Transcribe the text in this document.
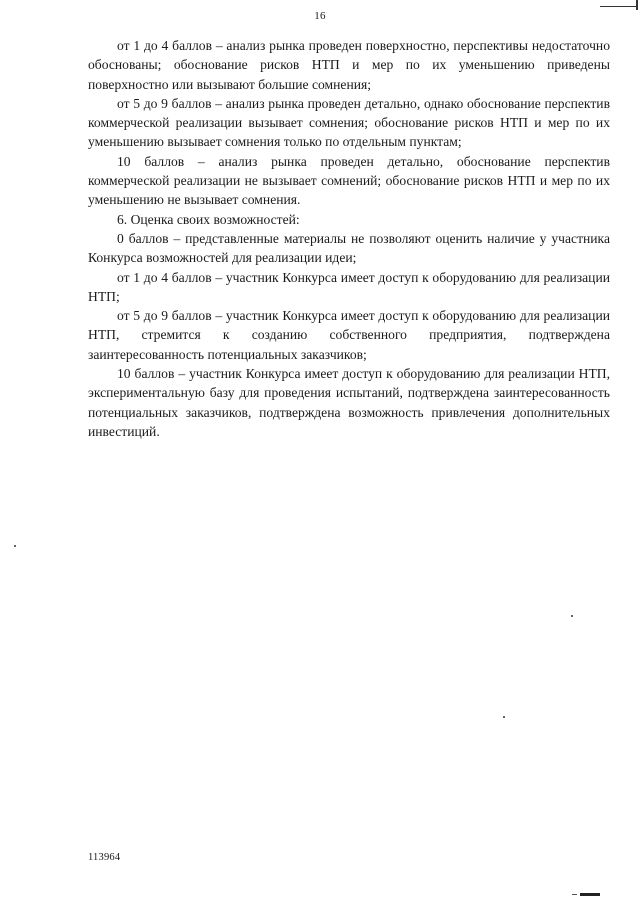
16

от 1 до 4 баллов – анализ рынка проведен поверхностно, перспективы недостаточно обоснованы; обоснование рисков НТП и мер по их уменьшению приведены поверхностно или вызывают большие сомнения;

от 5 до 9 баллов – анализ рынка проведен детально, однако обоснование перспектив коммерческой реализации вызывает сомнения; обоснование рисков НТП и мер по их уменьшению вызывает сомнения только по отдельным пунктам;

10 баллов – анализ рынка проведен детально, обоснование перспектив коммерческой реализации не вызывает сомнений; обоснование рисков НТП и мер по их уменьшению не вызывает сомнения.

6. Оценка своих возможностей:

0 баллов – представленные материалы не позволяют оценить наличие у участника Конкурса возможностей для реализации идеи;

от 1 до 4 баллов – участник Конкурса имеет доступ к оборудованию для реализации НТП;

от 5 до 9 баллов – участник Конкурса имеет доступ к оборудованию для реализации НТП, стремится к созданию собственного предприятия, подтверждена заинтересованность потенциальных заказчиков;

10 баллов – участник Конкурса имеет доступ к оборудованию для реализации НТП, экспериментальную базу для проведения испытаний, подтверждена заинтересованность потенциальных заказчиков, подтверждена возможность привлечения дополнительных инвестиций.

113964
